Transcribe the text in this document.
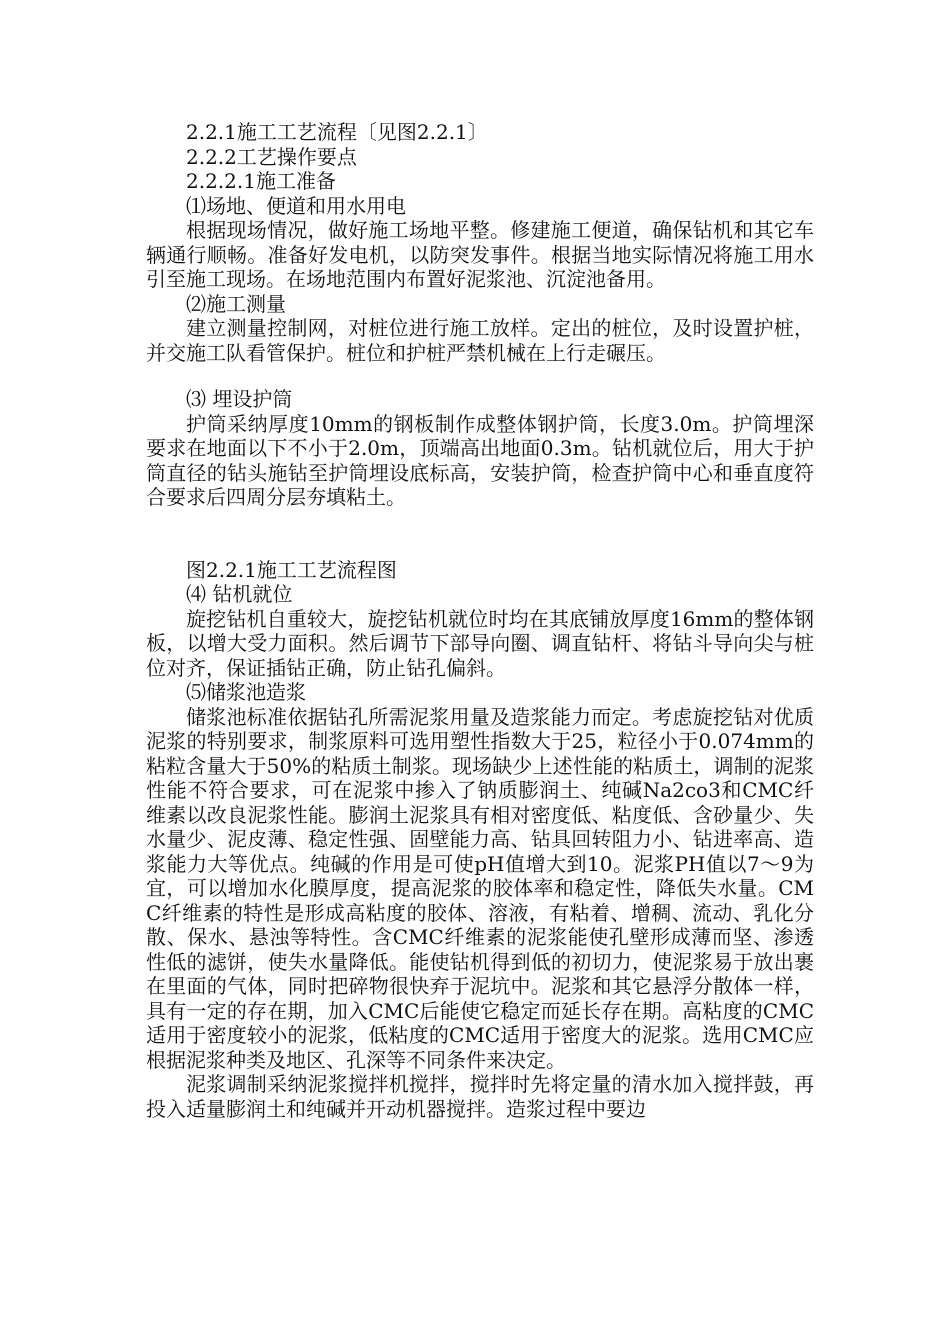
2.2.1施工工艺流程〔见图2.2.1〕

2.2.2工艺操作要点

2.2.2.1施工准备

⑴场地、便道和用水用电

根据现场情况，做好施工场地平整。修建施工便道，确保钻机和其它车辆通行顺畅。准备好发电机，以防突发事件。根据当地实际情况将施工用水引至施工现场。在场地范围内布置好泥浆池、沉淀池备用。

⑵施工测量

建立测量控制网，对桩位进行施工放样。定出的桩位，及时设置护桩，并交施工队看管保护。桩位和护桩严禁机械在上行走碾压。

⑶ 埋设护筒

护筒采纳厚度10mm的钢板制作成整体钢护筒，长度3.0m。护筒埋深要求在地面以下不小于2.0m，顶端高出地面0.3m。钻机就位后，用大于护筒直径的钻头施钻至护筒埋设底标高，安装护筒，检查护筒中心和垂直度符合要求后四周分层夯填粘土。

图2.2.1施工工艺流程图

⑷ 钻机就位

旋挖钻机自重较大，旋挖钻机就位时均在其底铺放厚度16mm的整体钢板，以增大受力面积。然后调节下部导向圈、调直钻杆、将钻斗导向尖与桩位对齐，保证插钻正确，防止钻孔偏斜。

⑸储浆池造浆

储浆池标准依据钻孔所需泥浆用量及造浆能力而定。考虑旋挖钻对优质泥浆的特别要求，制浆原料可选用塑性指数大于25，粒径小于0.074mm的粘粒含量大于50%的粘质土制浆。现场缺少上述性能的粘质土，调制的泥浆性能不符合要求，可在泥浆中掺入了钠质膨润土、纯碱Na2co3和CMC纤维素以改良泥浆性能。膨润土泥浆具有相对密度低、粘度低、含砂量少、失水量少、泥皮薄、稳定性强、固壁能力高、钻具回转阻力小、钻进率高、造浆能力大等优点。纯碱的作用是可使pH值增大到10。泥浆PH值以7～9为宜，可以增加水化膜厚度，提高泥浆的胶体率和稳定性，降低失水量。CMC纤维素的特性是形成高粘度的胶体、溶液，有粘着、增稠、流动、乳化分散、保水、悬浊等特性。含CMC纤维素的泥浆能使孔壁形成薄而坚、渗透性低的滤饼，使失水量降低。能使钻机得到低的初切力，使泥浆易于放出裹在里面的气体，同时把碎物很快弃于泥坑中。泥浆和其它悬浮分散体一样，具有一定的存在期，加入CMC后能使它稳定而延长存在期。高粘度的CMC适用于密度较小的泥浆，低粘度的CMC适用于密度大的泥浆。选用CMC应根据泥浆种类及地区、孔深等不同条件来决定。

泥浆调制采纳泥浆搅拌机搅拌，搅拌时先将定量的清水加入搅拌鼓，再投入适量膨润土和纯碱并开动机器搅拌。造浆过程中要边
